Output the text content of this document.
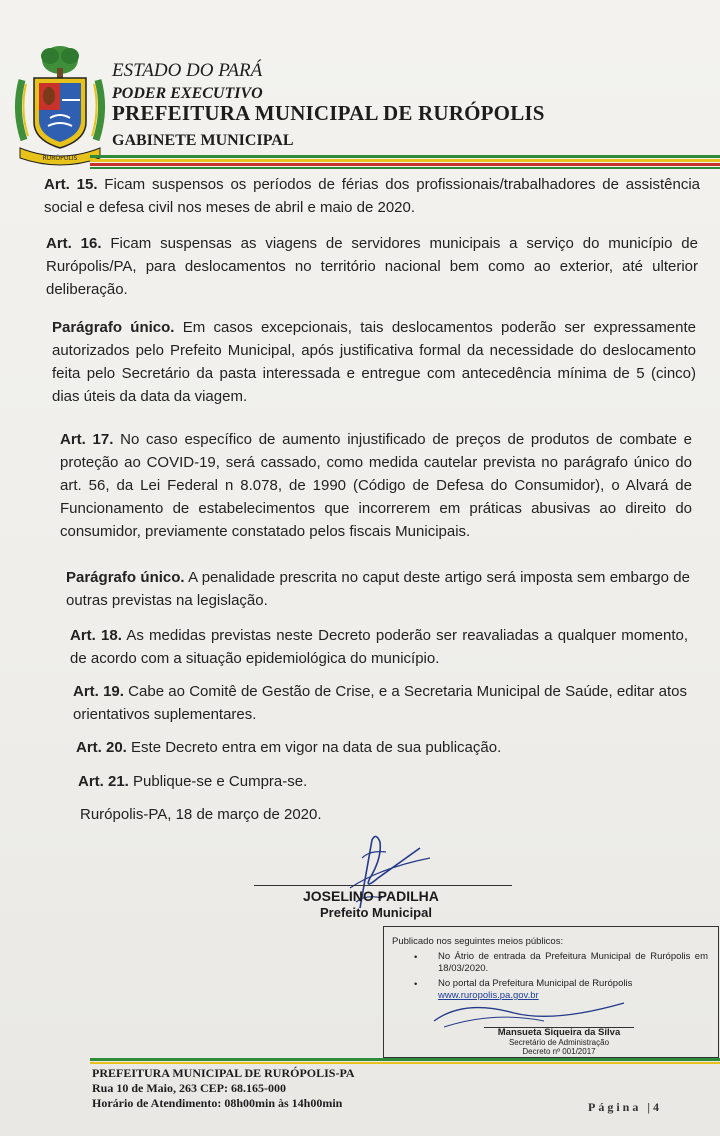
RURÓPOLIS
ESTADO DO PARÁ
PODER EXECUTIVO
PREFEITURA MUNICIPAL DE RURÓPOLIS
GABINETE MUNICIPAL
Art. 15. Ficam suspensos os períodos de férias dos profissionais/trabalhadores de assistência social e defesa civil nos meses de abril e maio de 2020.
Art. 16. Ficam suspensas as viagens de servidores municipais a serviço do município de Rurópolis/PA, para deslocamentos no território nacional bem como ao exterior, até ulterior deliberação.
Parágrafo único. Em casos excepcionais, tais deslocamentos poderão ser expressamente autorizados pelo Prefeito Municipal, após justificativa formal da necessidade do deslocamento feita pelo Secretário da pasta interessada e entregue com antecedência mínima de 5 (cinco) dias úteis da data da viagem.
Art. 17. No caso específico de aumento injustificado de preços de produtos de combate e proteção ao COVID-19, será cassado, como medida cautelar prevista no parágrafo único do art. 56, da Lei Federal n 8.078, de 1990 (Código de Defesa do Consumidor), o Alvará de Funcionamento de estabelecimentos que incorrerem em práticas abusivas ao direito do consumidor, previamente constatado pelos fiscais Municipais.
Parágrafo único. A penalidade prescrita no caput deste artigo será imposta sem embargo de outras previstas na legislação.
Art. 18. As medidas previstas neste Decreto poderão ser reavaliadas a qualquer momento, de acordo com a situação epidemiológica do município.
Art. 19. Cabe ao Comitê de Gestão de Crise, e a Secretaria Municipal de Saúde, editar atos orientativos suplementares.
Art. 20. Este Decreto entra em vigor na data de sua publicação.
Art. 21. Publique-se e Cumpra-se.
Rurópolis-PA, 18 de março de 2020.
JOSELINO PADILHA
Prefeito Municipal
Publicado nos seguintes meios públicos:
• No Átrio de entrada da Prefeitura Municipal de Rurópolis em 18/03/2020.
• No portal da Prefeitura Municipal de Rurópolis
www.ruropolis.pa.gov.br
Mansueta Siqueira da Silva
Secretário de Administração
Decreto nº 001/2017
PREFEITURA MUNICIPAL DE RURÓPOLIS-PA
Rua 10 de Maio, 263 CEP: 68.165-000
Horário de Atendimento: 08h00min às 14h00min	Página |4
